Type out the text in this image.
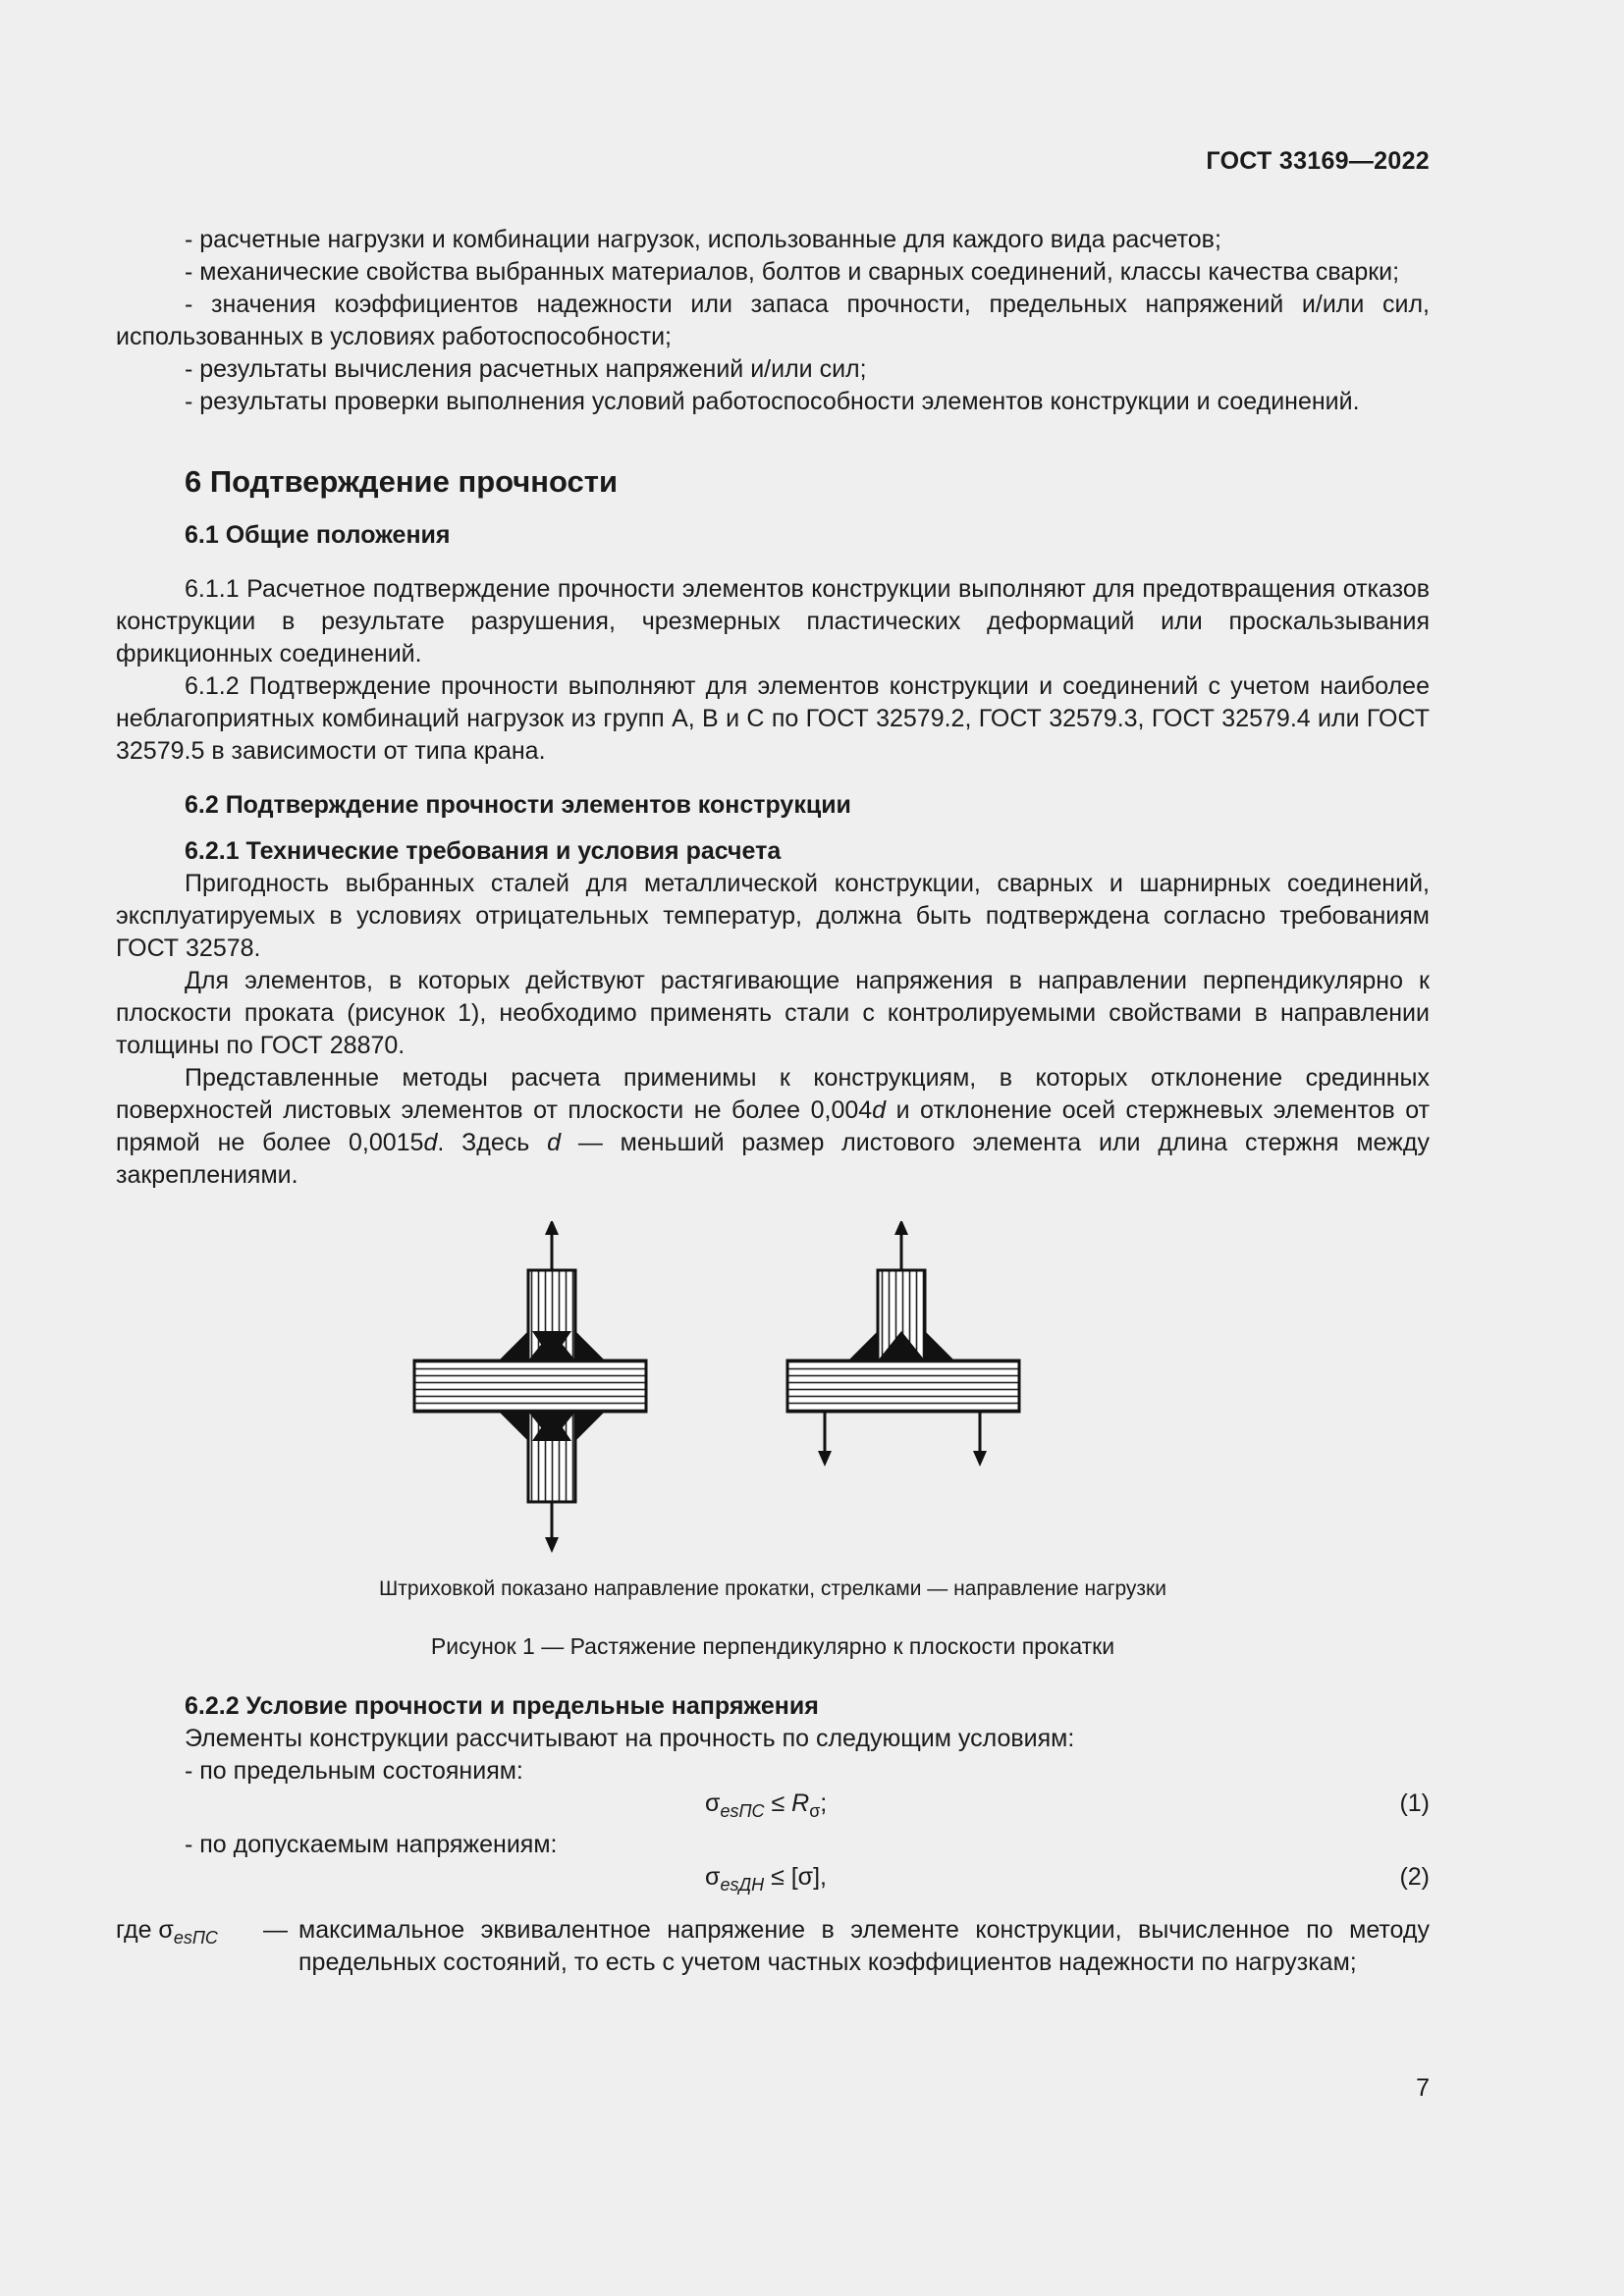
ГОСТ 33169—2022

- расчетные нагрузки и комбинации нагрузок, использованные для каждого вида расчетов;

- механические свойства выбранных материалов, болтов и сварных соединений, классы качества сварки;

- значения коэффициентов надежности или запаса прочности, предельных напряжений и/или сил, использованных в условиях работоспособности;

- результаты вычисления расчетных напряжений и/или сил;

- результаты проверки выполнения условий работоспособности элементов конструкции и соединений.

6 Подтверждение прочности
6.1 Общие положения

6.1.1 Расчетное подтверждение прочности элементов конструкции выполняют для предотвращения отказов конструкции в результате разрушения, чрезмерных пластических деформаций или проскальзывания фрикционных соединений.

6.1.2 Подтверждение прочности выполняют для элементов конструкции и соединений с учетом наиболее неблагоприятных комбинаций нагрузок из групп А, В и С по ГОСТ 32579.2, ГОСТ 32579.3, ГОСТ 32579.4 или ГОСТ 32579.5 в зависимости от типа крана.

6.2 Подтверждение прочности элементов конструкции
6.2.1 Технические требования и условия расчета

Пригодность выбранных сталей для металлической конструкции, сварных и шарнирных соединений, эксплуатируемых в условиях отрицательных температур, должна быть подтверждена согласно требованиям ГОСТ 32578.

Для элементов, в которых действуют растягивающие напряжения в направлении перпендикулярно к плоскости проката (рисунок 1), необходимо применять стали с контролируемыми свойствами в направлении толщины по ГОСТ 28870.

Представленные методы расчета применимы к конструкциям, в которых отклонение срединных поверхностей листовых элементов от плоскости не более 0,004d и отклонение осей стержневых элементов от прямой не более 0,0015d. Здесь d — меньший размер листового элемента или длина стержня между закреплениями.

Штриховкой показано направление прокатки, стрелками — направление нагрузки

Рисунок 1 — Растяжение перпендикулярно к плоскости прокатки

6.2.2 Условие прочности и предельные напряжения

Элементы конструкции рассчитывают на прочность по следующим условиям:

- по предельным состояниям:

$\sigma_{esПС} \le R_\sigma$;	(1)

- по допускаемым напряжениям:

$\sigma_{esДН} \le [\sigma]$,	(2)
где $\sigma_{esПС}$	— максимальное эквивалентное напряжение в элементе конструкции, вычисленное по методу предельных состояний, то есть с учетом частных коэффициентов надежности по нагрузкам;
7
